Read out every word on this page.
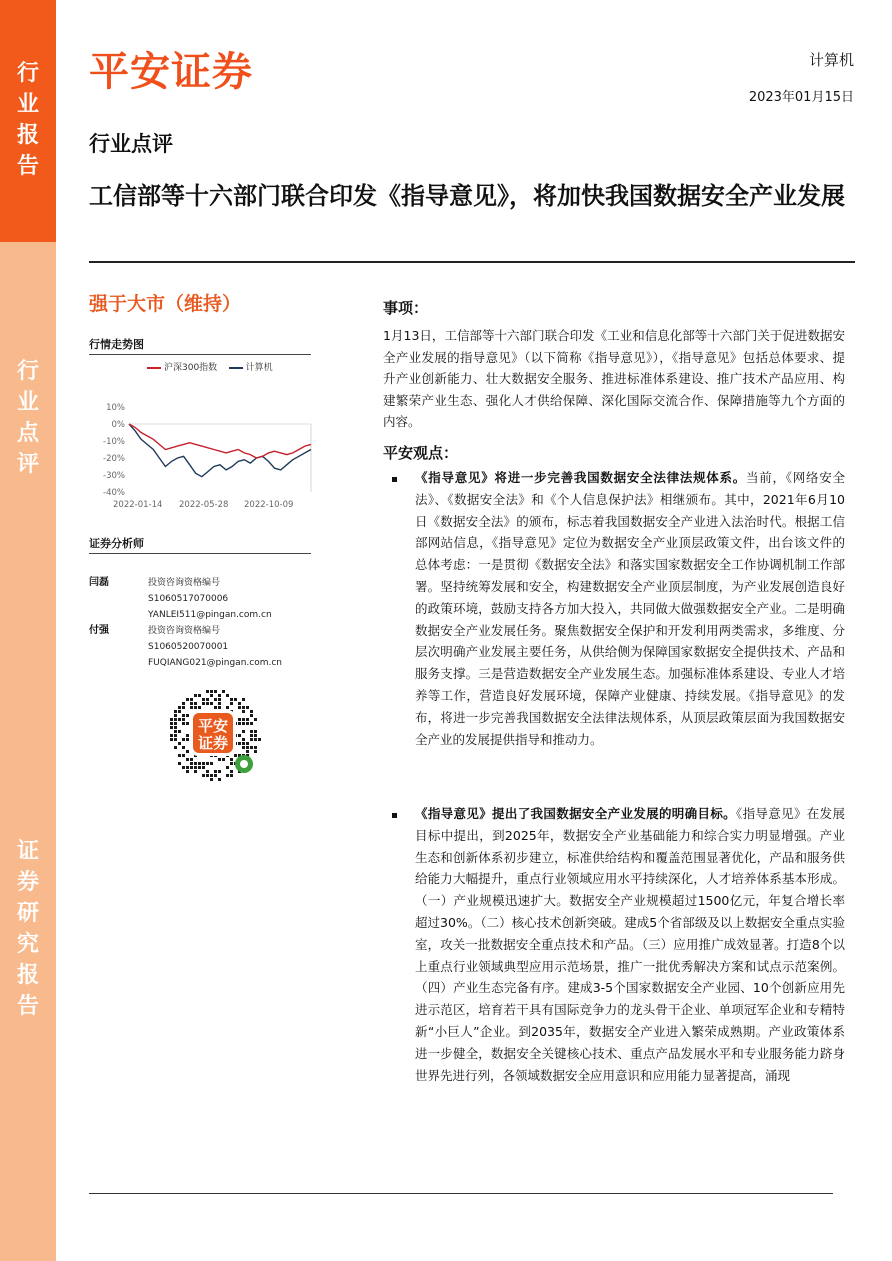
行
业
报
告
行
业
点
评
证
券
研
究
报
告
平安证券	计算机
2023年01月15日
行业点评
工信部等十六部门联合印发《指导意见》，将加快我国数据安全产业发展
强于大市（维持）
行情走势图
沪深300指数	计算机
10%
0%
-10%
-20%
-30%
-40%
2022-01-14 2022-05-28 2022-10-09
证券分析师
闫磊	投资咨询资格编号
S1060517070006
YANLEI511@pingan.com.cn
付强	投资咨询资格编号
S1060520070001
FUQIANG021@pingan.com.cn
平安
证券
事项：
1月13日，工信部等十六部门联合印发《工业和信息化部等十六部门关于促进数据安全产业发展的指导意见》（以下简称《指导意见》），《指导意见》包括总体要求、提升产业创新能力、壮大数据安全服务、推进标准体系建设、推广技术产品应用、构建繁荣产业生态、强化人才供给保障、深化国际交流合作、保障措施等九个方面的内容。
平安观点：
《指导意见》将进一步完善我国数据安全法律法规体系。当前，《网络安全法》、《数据安全法》和《个人信息保护法》相继颁布。其中，2021年6月10日《数据安全法》的颁布，标志着我国数据安全产业进入法治时代。根据工信部网站信息，《指导意见》定位为数据安全产业顶层政策文件，出台该文件的总体考虑：一是贯彻《数据安全法》和落实国家数据安全工作协调机制工作部署。坚持统筹发展和安全，构建数据安全产业顶层制度，为产业发展创造良好的政策环境，鼓励支持各方加大投入，共同做大做强数据安全产业。二是明确数据安全产业发展任务。聚焦数据安全保护和开发利用两类需求，多维度、分层次明确产业发展主要任务，从供给侧为保障国家数据安全提供技术、产品和服务支撑。三是营造数据安全产业发展生态。加强标准体系建设、专业人才培养等工作，营造良好发展环境，保障产业健康、持续发展。《指导意见》的发布，将进一步完善我国数据安全法律法规体系，从顶层政策层面为我国数据安全产业的发展提供指导和推动力。
《指导意见》提出了我国数据安全产业发展的明确目标。《指导意见》在发展目标中提出，到2025年，数据安全产业基础能力和综合实力明显增强。产业生态和创新体系初步建立，标准供给结构和覆盖范围显著优化，产品和服务供给能力大幅提升，重点行业领域应用水平持续深化，人才培养体系基本形成。（一）产业规模迅速扩大。数据安全产业规模超过1500亿元，年复合增长率超过30%。（二）核心技术创新突破。建成5个省部级及以上数据安全重点实验室，攻关一批数据安全重点技术和产品。（三）应用推广成效显著。打造8个以上重点行业领域典型应用示范场景，推广一批优秀解决方案和试点示范案例。（四）产业生态完备有序。建成3-5个国家数据安全产业园、10个创新应用先进示范区，培育若干具有国际竞争力的龙头骨干企业、单项冠军企业和专精特新“小巨人”企业。到2035年，数据安全产业进入繁荣成熟期。产业政策体系进一步健全，数据安全关键核心技术、重点产品发展水平和专业服务能力跻身世界先进行列，各领域数据安全应用意识和应用能力显著提高，涌现
